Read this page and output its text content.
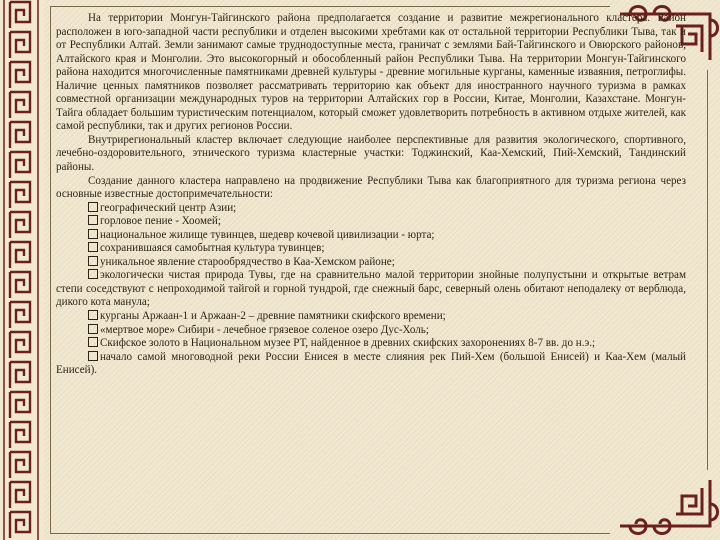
На территории Монгун-Тайгинского района предполагается создание и развитие межрегионального кластера. Район расположен в юго-западной части республики и отделен высокими хребтами как от остальной территории Республики Тыва, так и от Республики Алтай. Земли занимают самые труднодоступные места, граничат с землями Бай-Тайгинского и Овюрского районов, Алтайского края и Монголии. Это высокогорный и обособленный район Республики Тыва. На территории Монгун-Тайгинского района находится многочисленные памятниками древней культуры - древние могильные курганы, каменные изваяния, петроглифы. Наличие ценных памятников позволяет рассматривать территорию как объект для иностранного научного туризма в рамках совместной организации международных туров на территории Алтайских гор в России, Китае, Монголии, Казахстане. Монгун-Тайга обладает большим туристическим потенциалом, который сможет удовлетворить потребность в активном отдыхе жителей, как самой республики, так и других регионов России.

Внутрирегиональный кластер включает следующие наиболее перспективные для развития экологического, спортивного, лечебно-оздоровительного, этнического туризма кластерные участки: Тоджинский, Каа-Хемский, Пий-Хемский, Тандинский районы.

Создание данного кластера направлено на продвижение Республики Тыва как благоприятного для туризма региона через основные известные достопримечательности:

географический центр Азии;
горловое пение - Хоомей;
национальное жилище тувинцев, шедевр кочевой цивилизации - юрта;
сохранившаяся самобытная культура тувинцев;
уникальное явление старообрядчество в Каа-Хемском районе;
экологически чистая природа Тувы, где на сравнительно малой территории знойные полупустыни и открытые ветрам степи соседствуют с непроходимой тайгой и горной тундрой, где снежный барс, северный олень обитают неподалеку от верблюда, дикого кота манула;
курганы Аржаан-1 и Аржаан-2 – древние памятники скифского времени;
«мертвое море» Сибири - лечебное грязевое соленое озеро Дус-Холь;
Скифское золото в Национальном музее РТ, найденное в древних скифских захоронениях 8-7 вв. до н.э.;
начало самой многоводной реки России Енисея в месте слияния рек Пий-Хем (большой Енисей) и Каа-Хем (малый Енисей).
